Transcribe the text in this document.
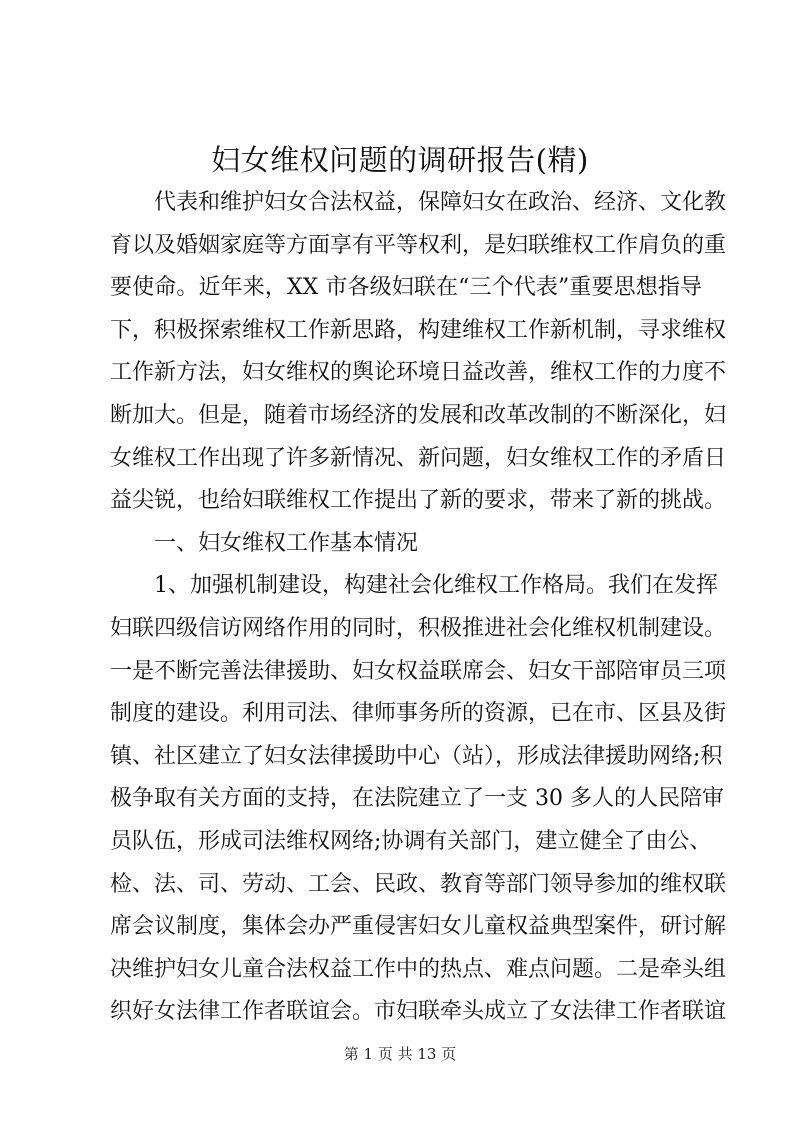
妇女维权问题的调研报告(精)
代表和维护妇女合法权益，保障妇女在政治、经济、文化教
育以及婚姻家庭等方面享有平等权利，是妇联维权工作肩负的重
要使命。近年来，XX 市各级妇联在“三个代表”重要思想指导
下，积极探索维权工作新思路，构建维权工作新机制，寻求维权
工作新方法，妇女维权的舆论环境日益改善，维权工作的力度不
断加大。但是，随着市场经济的发展和改革改制的不断深化，妇
女维权工作出现了许多新情况、新问题，妇女维权工作的矛盾日
益尖锐，也给妇联维权工作提出了新的要求，带来了新的挑战。
一、妇女维权工作基本情况
1、加强机制建设，构建社会化维权工作格局。我们在发挥
妇联四级信访网络作用的同时，积极推进社会化维权机制建设。
一是不断完善法律援助、妇女权益联席会、妇女干部陪审员三项
制度的建设。利用司法、律师事务所的资源，已在市、区县及街
镇、社区建立了妇女法律援助中心（站），形成法律援助网络;积
极争取有关方面的支持，在法院建立了一支 30 多人的人民陪审
员队伍，形成司法维权网络;协调有关部门，建立健全了由公、
检、法、司、劳动、工会、民政、教育等部门领导参加的维权联
席会议制度，集体会办严重侵害妇女儿童权益典型案件，研讨解
决维护妇女儿童合法权益工作中的热点、难点问题。二是牵头组
织好女法律工作者联谊会。市妇联牵头成立了女法律工作者联谊
第 1 页 共 13 页
